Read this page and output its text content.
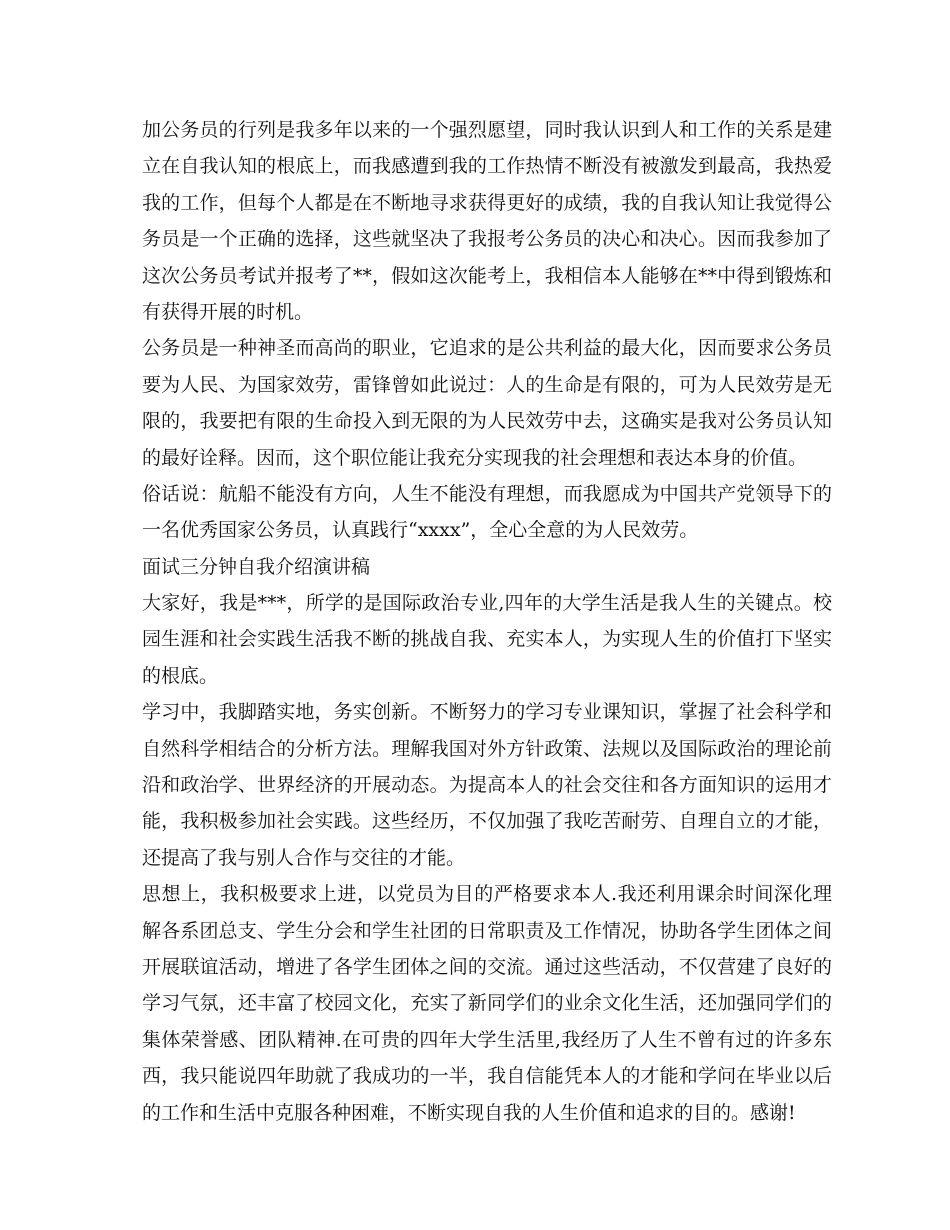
加公务员的行列是我多年以来的一个强烈愿望，同时我认识到人和工作的关系是建
立在自我认知的根底上，而我感遭到我的工作热情不断没有被激发到最高，我热爱
我的工作，但每个人都是在不断地寻求获得更好的成绩，我的自我认知让我觉得公
务员是一个正确的选择，这些就坚决了我报考公务员的决心和决心。因而我参加了
这次公务员考试并报考了**，假如这次能考上，我相信本人能够在**中得到锻炼和
有获得开展的时机。
公务员是一种神圣而高尚的职业，它追求的是公共利益的最大化，因而要求公务员
要为人民、为国家效劳，雷锋曾如此说过：人的生命是有限的，可为人民效劳是无
限的，我要把有限的生命投入到无限的为人民效劳中去，这确实是我对公务员认知
的最好诠释。因而，这个职位能让我充分实现我的社会理想和表达本身的价值。
俗话说：航船不能没有方向，人生不能没有理想，而我愿成为中国共产党领导下的
一名优秀国家公务员，认真践行“xxxx”，全心全意的为人民效劳。
面试三分钟自我介绍演讲稿
大家好，我是***，所学的是国际政治专业,四年的大学生活是我人生的关键点。校
园生涯和社会实践生活我不断的挑战自我、充实本人，为实现人生的价值打下坚实
的根底。
学习中，我脚踏实地，务实创新。不断努力的学习专业课知识，掌握了社会科学和
自然科学相结合的分析方法。理解我国对外方针政策、法规以及国际政治的理论前
沿和政治学、世界经济的开展动态。为提高本人的社会交往和各方面知识的运用才
能，我积极参加社会实践。这些经历，不仅加强了我吃苦耐劳、自理自立的才能，
还提高了我与别人合作与交往的才能。
思想上，我积极要求上进，以党员为目的严格要求本人.我还利用课余时间深化理
解各系团总支、学生分会和学生社团的日常职责及工作情况，协助各学生团体之间
开展联谊活动，增进了各学生团体之间的交流。通过这些活动，不仅营建了良好的
学习气氛，还丰富了校园文化，充实了新同学们的业余文化生活，还加强同学们的
集体荣誉感、团队精神.在可贵的四年大学生活里,我经历了人生不曾有过的许多东
西，我只能说四年助就了我成功的一半，我自信能凭本人的才能和学问在毕业以后
的工作和生活中克服各种困难，不断实现自我的人生价值和追求的目的。感谢!
